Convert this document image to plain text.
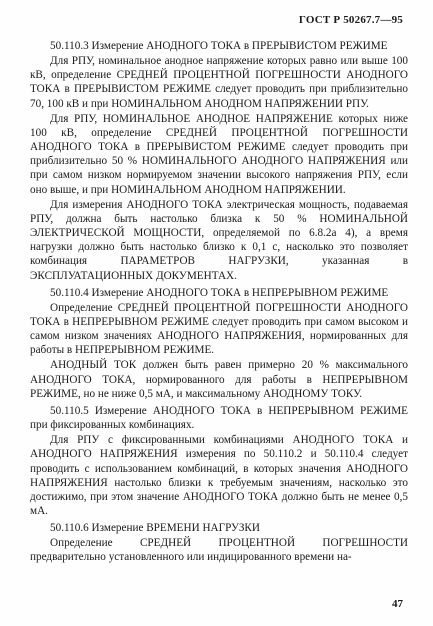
ГОСТ Р 50267.7—95

50.110.3 Измерение АНОДНОГО ТОКА в ПРЕРЫВИСТОМ РЕЖИМЕ

Для РПУ, номинальное анодное напряжение которых равно или выше 100 кВ, определение СРЕДНЕЙ ПРОЦЕНТНОЙ ПОГРЕШНОСТИ АНОДНОГО ТОКА в ПРЕРЫВИСТОМ РЕЖИМЕ следует проводить при приблизительно 70, 100 кВ и при НОМИНАЛЬНОМ АНОДНОМ НАПРЯЖЕНИИ РПУ.

Для РПУ, НОМИНАЛЬНОЕ АНОДНОЕ НАПРЯЖЕНИЕ которых ниже 100 кВ, определение СРЕДНЕЙ ПРОЦЕНТНОЙ ПОГРЕШНОСТИ АНОДНОГО ТОКА в ПРЕРЫВИСТОМ РЕЖИМЕ следует проводить при приблизительно 50 % НОМИНАЛЬНОГО АНОДНОГО НАПРЯЖЕНИЯ или при самом низком нормируемом значении высокого напряжения РПУ, если оно выше, и при НОМИНАЛЬНОМ АНОДНОМ НАПРЯЖЕНИИ.

Для измерения АНОДНОГО ТОКА электрическая мощность, подаваемая РПУ, должна быть настолько близка к 50 % НОМИНАЛЬНОЙ ЭЛЕКТРИЧЕСКОЙ МОЩНОСТИ, определяемой по 6.8.2а 4), а время нагрузки должно быть настолько близко к 0,1 с, насколько это позволяет комбинация ПАРАМЕТРОВ НАГРУЗКИ, указанная в ЭКСПЛУАТАЦИОННЫХ ДОКУМЕНТАХ.

50.110.4 Измерение АНОДНОГО ТОКА в НЕПРЕРЫВНОМ РЕЖИМЕ

Определение СРЕДНЕЙ ПРОЦЕНТНОЙ ПОГРЕШНОСТИ АНОДНОГО ТОКА в НЕПРЕРЫВНОМ РЕЖИМЕ следует проводить при самом высоком и самом низком значениях АНОДНОГО НАПРЯЖЕНИЯ, нормированных для работы в НЕПРЕРЫВНОМ РЕЖИМЕ.

АНОДНЫЙ ТОК должен быть равен примерно 20 % максимального АНОДНОГО ТОКА, нормированного для работы в НЕПРЕРЫВНОМ РЕЖИМЕ, но не ниже 0,5 мА, и максимальному АНОДНОМУ ТОКУ.

50.110.5 Измерение АНОДНОГО ТОКА в НЕПРЕРЫВНОМ РЕЖИМЕ при фиксированных комбинациях.

Для РПУ с фиксированными комбинациями АНОДНОГО ТОКА и АНОДНОГО НАПРЯЖЕНИЯ измерения по 50.110.2 и 50.110.4 следует проводить с использованием комбинаций, в которых значения АНОДНОГО НАПРЯЖЕНИЯ настолько близки к требуемым значениям, насколько это достижимо, при этом значение АНОДНОГО ТОКА должно быть не менее 0,5 мА.

50.110.6 Измерение ВРЕМЕНИ НАГРУЗКИ

Определение СРЕДНЕЙ ПРОЦЕНТНОЙ ПОГРЕШНОСТИ предварительно установленного или индицированного времени на-

47
